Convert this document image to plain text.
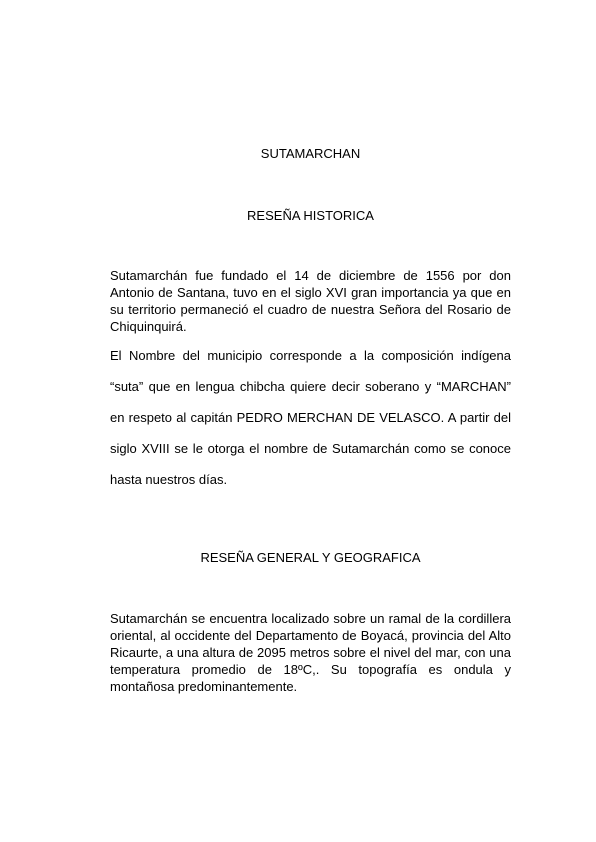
SUTAMARCHAN
RESEÑA HISTORICA

Sutamarchán fue fundado el 14 de diciembre de 1556 por don Antonio de Santana, tuvo en el siglo XVI gran importancia ya que en su territorio permaneció el cuadro de nuestra Señora del Rosario de Chiquinquirá.

El Nombre del municipio corresponde a la composición indígena “suta” que en lengua chibcha quiere decir soberano y “MARCHAN” en respeto al capitán PEDRO MERCHAN DE VELASCO. A partir del siglo XVIII se le otorga el nombre de Sutamarchán como se conoce hasta nuestros días.

RESEÑA GENERAL Y GEOGRAFICA

Sutamarchán se encuentra localizado sobre un ramal de la cordillera oriental, al occidente del Departamento de Boyacá, provincia del Alto Ricaurte, a una altura de 2095 metros sobre el nivel del mar, con una temperatura promedio de 18ºC,. Su topografía es ondula y montañosa predominantemente.
